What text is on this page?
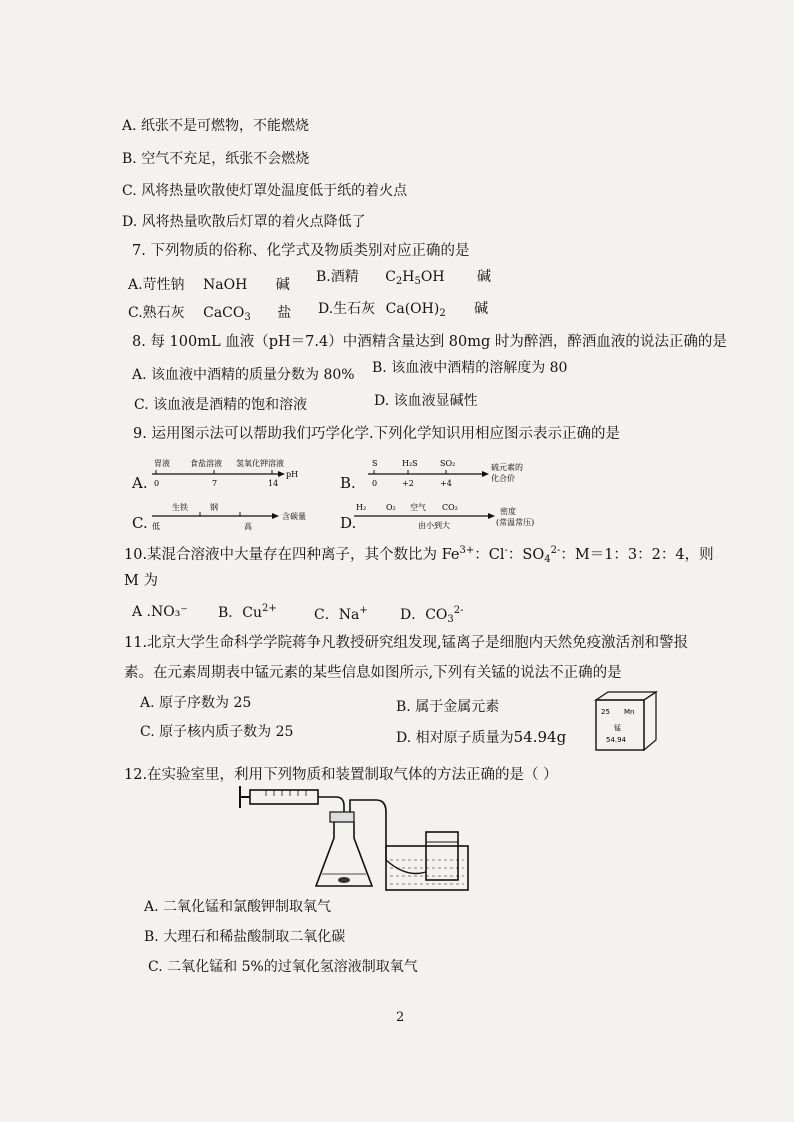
A. 纸张不是可燃物，不能燃烧
B. 空气不充足，纸张不会燃烧
C. 风将热量吹散使灯罩处温度低于纸的着火点
D. 风将热量吹散后灯罩的着火点降低了
7. 下列物质的俗称、化学式及物质类别对应正确的是
A.苛性钠 NaOH 碱 B.酒精 $C_2H_5OH$ 碱
C.熟石灰 CaCO$_3$ 盐 D.生石灰 $Ca(OH)_2$ 碱
8. 每 100mL 血液（pH＝7.4）中酒精含量达到 80mg 时为醉酒，醉酒血液的说法正确的是
A. 该血液中酒精的质量分数为 80% B. 该血液中酒精的溶解度为 80
C. 该血液是酒精的饱和溶液	D. 该血液显碱性
9. 运用图示法可以帮助我们巧学化学.下列化学知识用相应图示表示正确的是
A.
胃液	食盐溶液 氢氧化钾溶液
0	7	14
pH	B.
S	H₂S	SO₂
0	+2	+4
硫元素的
化合价
C.
生铁	钢
低	高
含碳量 D.
H₂ O₂ 空气 CO₂
由小到大
密度
(常温常压)
10.某混合溶液中大量存在四种离子，其个数比为 $Fe^{3+}$：Cl-：$SO_4^{2-}$：M＝1：3：2：4，则
M 为
A .NO₃⁻ B．$Cu^{2+}$	C．Na+ D．$CO_3^{2-}$
11.北京大学生命科学学院蒋争凡教授研究组发现,锰离子是细胞内天然免疫激活剂和警报
素。在元素周期表中锰元素的某些信息如图所示,下列有关锰的说法不正确的是
A. 原子序数为 25	B. 属于金属元素
C. 原子核内质子数为 25	D. 相对原子质量为54.94g
25 Mn
锰
54.94
12.在实验室里，利用下列物质和装置制取气体的方法正确的是（ ）
A. 二氧化锰和氯酸钾制取氧气
B. 大理石和稀盐酸制取二氧化碳
C. 二氧化锰和 5%的过氧化氢溶液制取氧气
2
